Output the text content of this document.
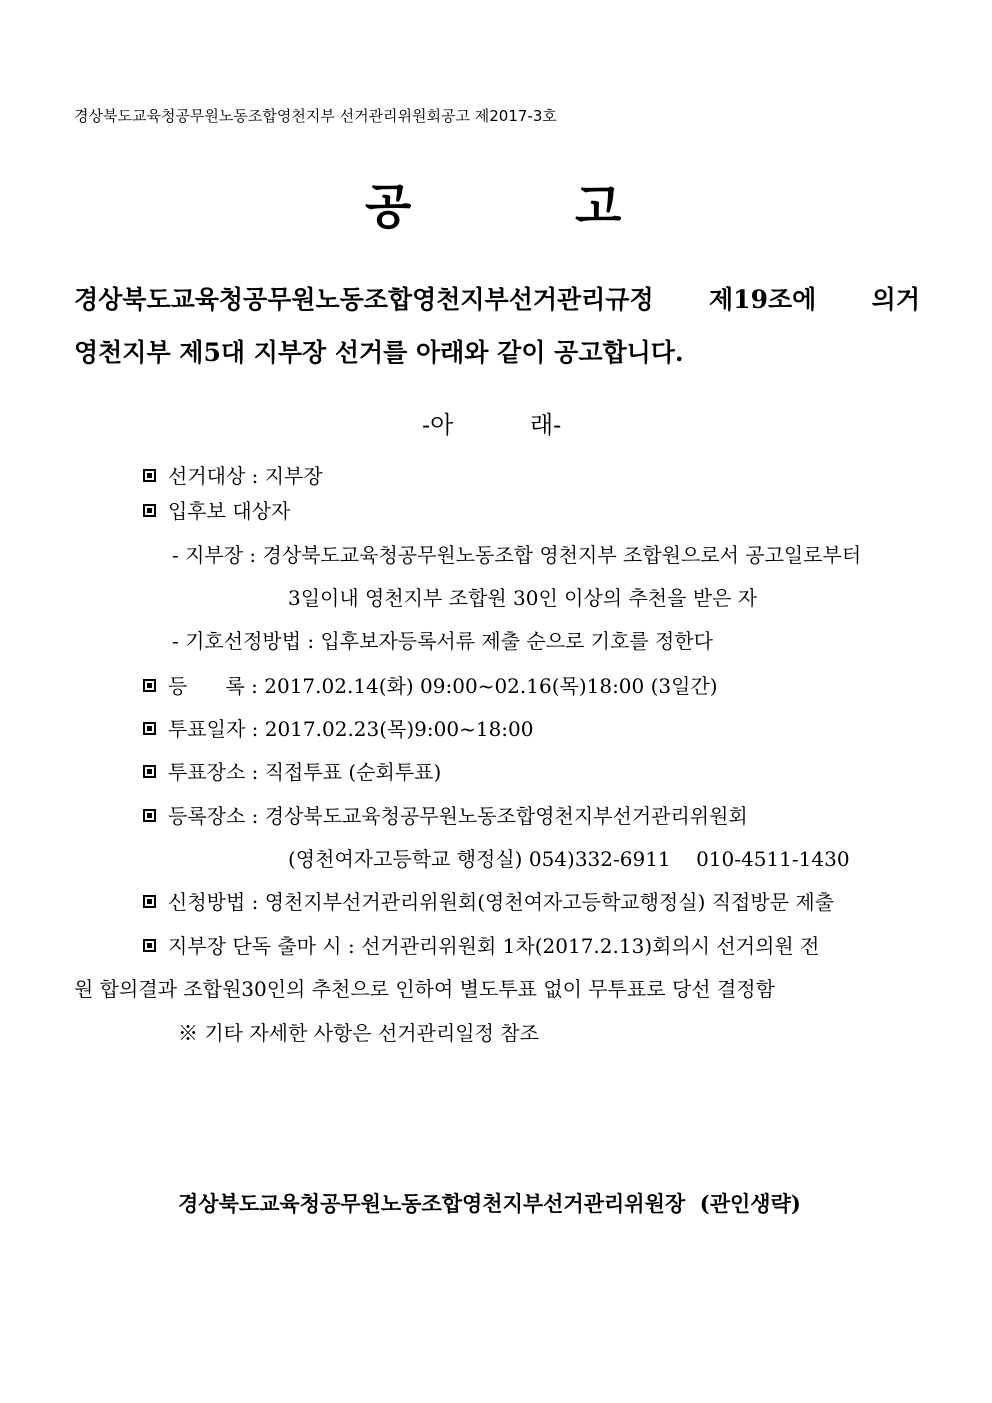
경상북도교육청공무원노동조합영천지부 선거관리위원회공고 제2017-3호
공	고
경상북도교육청공무원노동조합영천지부선거관리규정 제19조에 의거
영천지부 제5대 지부장 선거를 아래와 같이 공고합니다.
-아	래-
선거대상 : 지부장
입후보 대상자
- 지부장 : 경상북도교육청공무원노동조합 영천지부 조합원으로서 공고일로부터
3일이내 영천지부 조합원 30인 이상의 추천을 받은 자
- 기호선정방법 : 입후보자등록서류 제출 순으로 기호를 정한다
등      록 : 2017.02.14(화) 09:00~02.16(목)18:00 (3일간)
투표일자 : 2017.02.23(목)9:00~18:00
투표장소 : 직접투표 (순회투표)
등록장소 : 경상북도교육청공무원노동조합영천지부선거관리위원회
(영천여자고등학교 행정실) 054)332-6911    010-4511-1430
신청방법 : 영천지부선거관리위원회(영천여자고등학교행정실) 직접방문 제출
지부장 단독 출마 시 : 선거관리위원회 1차(2017.2.13)회의시 선거의원 전
원 합의결과 조합원30인의 추천으로 인하여 별도투표 없이 무투표로 당선 결정함
※ 기타 자세한 사항은 선거관리일정 참조
경상북도교육청공무원노동조합영천지부선거관리위원장  (관인생략)
